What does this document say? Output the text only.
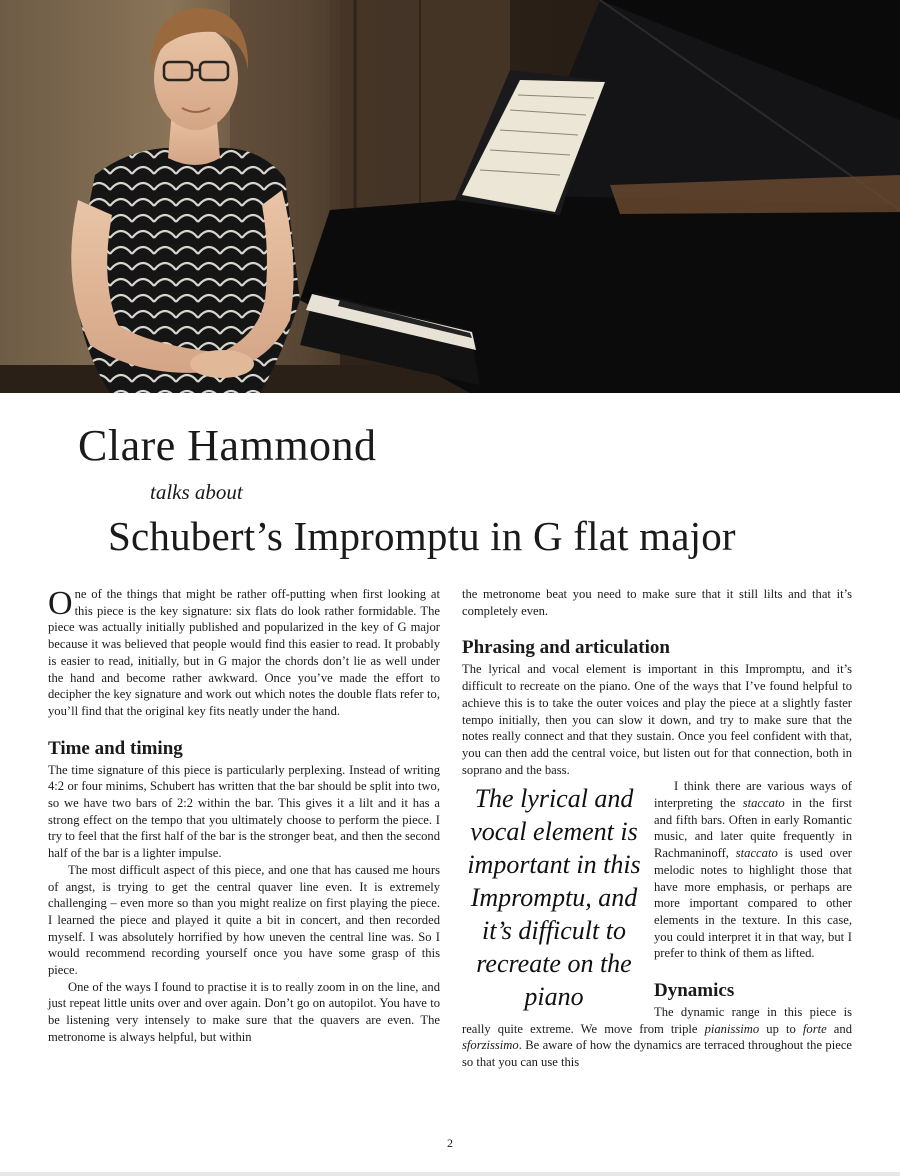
Clare Hammond
talks about
Schubert’s Impromptu in G flat major

One of the things that might be rather off-putting when first looking at this piece is the key signature: six flats do look rather formidable. The piece was actually initially published and popularized in the key of G major because it was believed that people would find this easier to read. It probably is easier to read, initially, but in G major the chords don’t lie as well under the hand and become rather awkward. Once you’ve made the effort to decipher the key signature and work out which notes the double flats refer to, you’ll find that the original key fits neatly under the hand.

Time and timing

The time signature of this piece is particularly perplexing. Instead of writing 4:2 or four minims, Schubert has written that the bar should be split into two, so we have two bars of 2:2 within the bar. This gives it a lilt and it has a strong effect on the tempo that you ultimately choose to perform the piece. I try to feel that the first half of the bar is the stronger beat, and then the second half of the bar is a lighter impulse.

The most difficult aspect of this piece, and one that has caused me hours of angst, is trying to get the central quaver line even. It is extremely challenging – even more so than you might realize on first playing the piece. I learned the piece and played it quite a bit in concert, and then recorded myself. I was absolutely horrified by how uneven the central line was. So I would recommend recording yourself once you have some grasp of this piece.

One of the ways I found to practise it is to really zoom in on the line, and just repeat little units over and over again. Don’t go on autopilot. You have to be listening very intensely to make sure that the quavers are even. The metronome is always helpful, but within

the metronome beat you need to make sure that it still lilts and that it’s completely even.

Phrasing and articulation

The lyrical and vocal element is important in this Impromptu, and it’s difficult to recreate on the piano. One of the ways that I’ve found helpful to achieve this is to take the outer voices and play the piece at a slightly faster tempo initially, then you can slow it down, and try to make sure that the notes really connect and that they sustain. Once you feel confident with that, you can then add the central voice, but listen out for that connection, both in soprano and the bass.

The lyrical and vocal element is important in this Impromptu, and it’s difficult to recreate on the piano

I think there are various ways of interpreting the staccato in the first and fifth bars. Often in early Romantic music, and later quite frequently in Rachmaninoff, staccato is used over melodic notes to highlight those that have more emphasis, or perhaps are more important compared to other elements in the texture. In this case, you could interpret it in that way, but I prefer to think of them as lifted.

Dynamics

The dynamic range in this piece is really quite extreme. We move from triple pianissimo up to forte and sforzissimo. Be aware of how the dynamics are terraced throughout the piece so that you can use this

2
